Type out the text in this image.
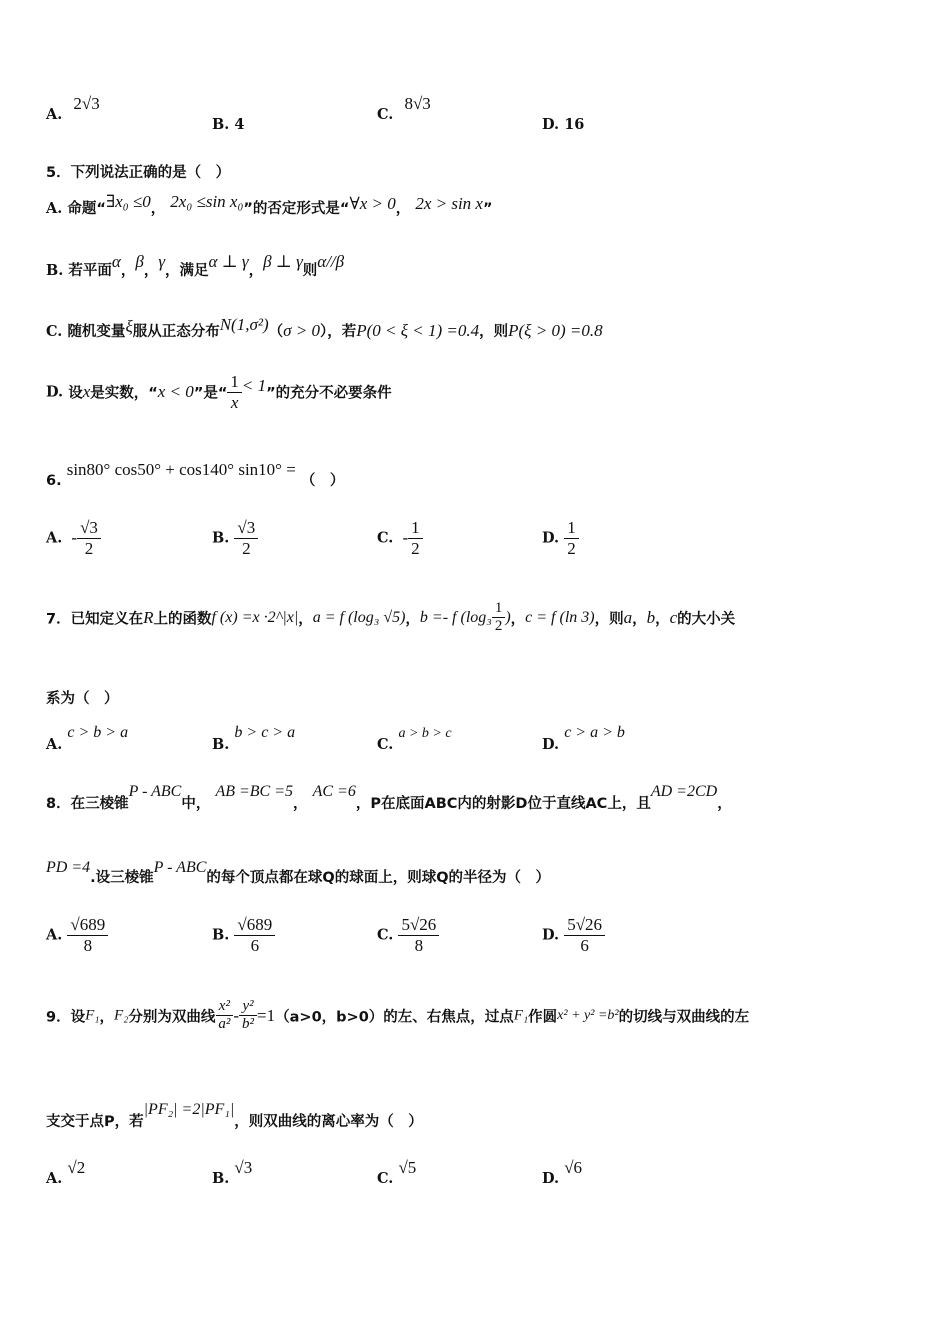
A. 2√3
B. 4
C. 8√3
D. 16
5．下列说法正确的是（　）
A. 命题“∃x₀ ≤0， 2x₀ ≤sin x₀”的否定形式是“∀x > 0， 2x > sin x”
B. 若平面α，β，γ，满足α ⊥ γ，β ⊥ γ则α//β
C. 随机变量ξ服从正态分布N(1,σ²)（σ > 0），若P(0 < ξ < 1) =0.4，则P(ξ > 0) =0.8
D. 设x是实数，“x < 0”是“ $\frac{1}{x} < 1$”的充分不必要条件
6. sin80° cos50° + cos140° sin10° = （　）
A. - $\frac{√3}{2}$	B. $\frac{√3}{2}$	C. - $\frac{1}{2}$	D. $\frac{1}{2}$
7．已知定义在R上的函数f (x) =x ·2^|x|，a = f (log₃ √5)，b =- f ($\log_3 \frac{1}{2}$ )，c = f (ln 3)，则a，b，c的大小关
系为（　）
A. c > b > a
B. b > c > a
C. a > b > c
D. c > a > b
8．在三棱锥P - ABC中， AB =BC =5， AC =6，P在底面ABC内的射影D位于直线AC上，且AD =2CD，
PD =4.设三棱锥P - ABC的每个顶点都在球Q的球面上，则球Q的半径为（　）
A. $\frac{√689}{8}$	B. $\frac{√689}{6}$	C. $\frac{5√26}{8}$	D. $\frac{5√26}{6}$
9．设F₁，F₂分别为双曲线 $\frac{\text{x²}}{\text{a²}} - \frac{\text{y²}}{\text{b²}} =1(a>0$，b>0）的左、右焦点，过点F₁作圆x² + y² =b²的切线与双曲线的左
支交于点P，若|PF₂| =2|PF₁|，则双曲线的离心率为（　）
A. √2
B. √3
C. √5
D. √6
